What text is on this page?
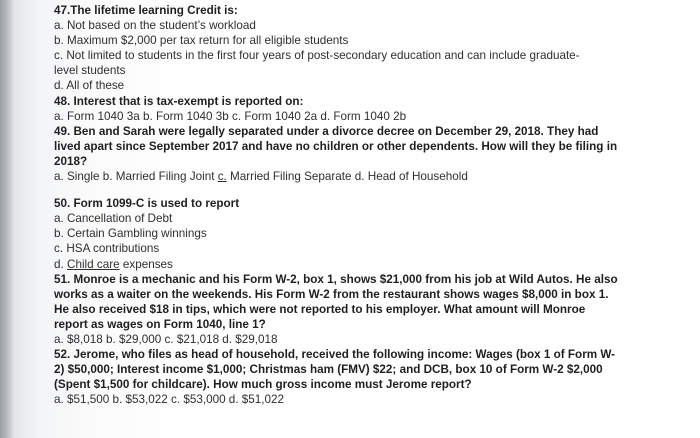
47.The lifetime learning Credit is:
a. Not based on the student’s workload
b. Maximum $2,000 per tax return for all eligible students
c. Not limited to students in the first four years of post-secondary education and can include graduate-
level students
d. All of these
48. Interest that is tax-exempt is reported on:
a. Form 1040 3a b. Form 1040 3b c. Form 1040 2a d. Form 1040 2b
49. Ben and Sarah were legally separated under a divorce decree on December 29, 2018. They had
lived apart since September 2017 and have no children or other dependents. How will they be filing in
2018?
a. Single b. Married Filing Joint c. Married Filing Separate d. Head of Household
50. Form 1099-C is used to report
a. Cancellation of Debt
b. Certain Gambling winnings
c. HSA contributions
d. Child care expenses
51. Monroe is a mechanic and his Form W-2, box 1, shows $21,000 from his job at Wild Autos. He also
works as a waiter on the weekends. His Form W-2 from the restaurant shows wages $8,000 in box 1.
He also received $18 in tips, which were not reported to his employer. What amount will Monroe
report as wages on Form 1040, line 1?
a. $8,018 b. $29,000 c. $21,018 d. $29,018
52. Jerome, who files as head of household, received the following income: Wages (box 1 of Form W-
2) $50,000; Interest income $1,000; Christmas ham (FMV) $22; and DCB, box 10 of Form W-2 $2,000
(Spent $1,500 for childcare). How much gross income must Jerome report?
a. $51,500 b. $53,022 c. $53,000 d. $51,022
